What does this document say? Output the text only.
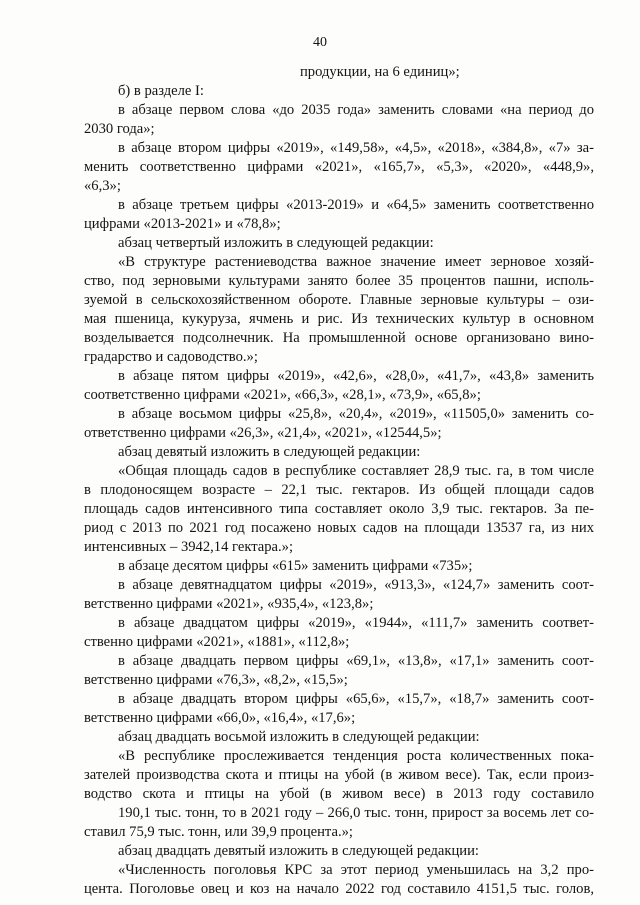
40
продукции, на 6 единиц»;
б) в разделе I:
в абзаце первом слова «до 2035 года» заменить словами «на период до
2030 года»;
в абзаце втором цифры «2019», «149,58», «4,5», «2018», «384,8», «7» за-
менить соответственно цифрами «2021», «165,7», «5,3», «2020», «448,9»,
«6,3»;
в абзаце третьем цифры «2013-2019» и «64,5» заменить соответственно
цифрами «2013-2021» и «78,8»;
абзац четвертый изложить в следующей редакции:
«В структуре растениеводства важное значение имеет зерновое хозяй-
ство, под зерновыми культурами занято более 35 процентов пашни, исполь-
зуемой в сельскохозяйственном обороте. Главные зерновые культуры – ози-
мая пшеница, кукуруза, ячмень и рис. Из технических культур в основном
возделывается подсолнечник. На промышленной основе организовано вино-
градарство и садоводство.»;
в абзаце пятом цифры «2019», «42,6», «28,0», «41,7», «43,8» заменить
соответственно цифрами «2021», «66,3», «28,1», «73,9», «65,8»;
в абзаце восьмом цифры «25,8», «20,4», «2019», «11505,0» заменить со-
ответственно цифрами «26,3», «21,4», «2021», «12544,5»;
абзац девятый изложить в следующей редакции:
«Общая площадь садов в республике составляет 28,9 тыс. га, в том числе
в плодоносящем возрасте – 22,1 тыс. гектаров. Из общей площади садов
площадь садов интенсивного типа составляет около 3,9 тыс. гектаров. За пе-
риод с 2013 по 2021 год посажено новых садов на площади 13537 га, из них
интенсивных – 3942,14 гектара.»;
в абзаце десятом цифры «615» заменить цифрами «735»;
в абзаце девятнадцатом цифры «2019», «913,3», «124,7» заменить соот-
ветственно цифрами «2021», «935,4», «123,8»;
в абзаце двадцатом цифры «2019», «1944», «111,7» заменить соответ-
ственно цифрами «2021», «1881», «112,8»;
в абзаце двадцать первом цифры «69,1», «13,8», «17,1» заменить соот-
ветственно цифрами «76,3», «8,2», «15,5»;
в абзаце двадцать втором цифры «65,6», «15,7», «18,7» заменить соот-
ветственно цифрами «66,0», «16,4», «17,6»;
абзац двадцать восьмой изложить в следующей редакции:
«В республике прослеживается тенденция роста количественных пока-
зателей производства скота и птицы на убой (в живом весе). Так, если произ-
водство скота и птицы на убой (в живом весе) в 2013 году составило
190,1 тыс. тонн, то в 2021 году – 266,0 тыс. тонн, прирост за восемь лет со-
ставил 75,9 тыс. тонн, или 39,9 процента.»;
абзац двадцать девятый изложить в следующей редакции:
«Численность поголовья КРС за этот период уменьшилась на 3,2 про-
цента. Поголовье овец и коз на начало 2022 год составило 4151,5 тыс. голов,
